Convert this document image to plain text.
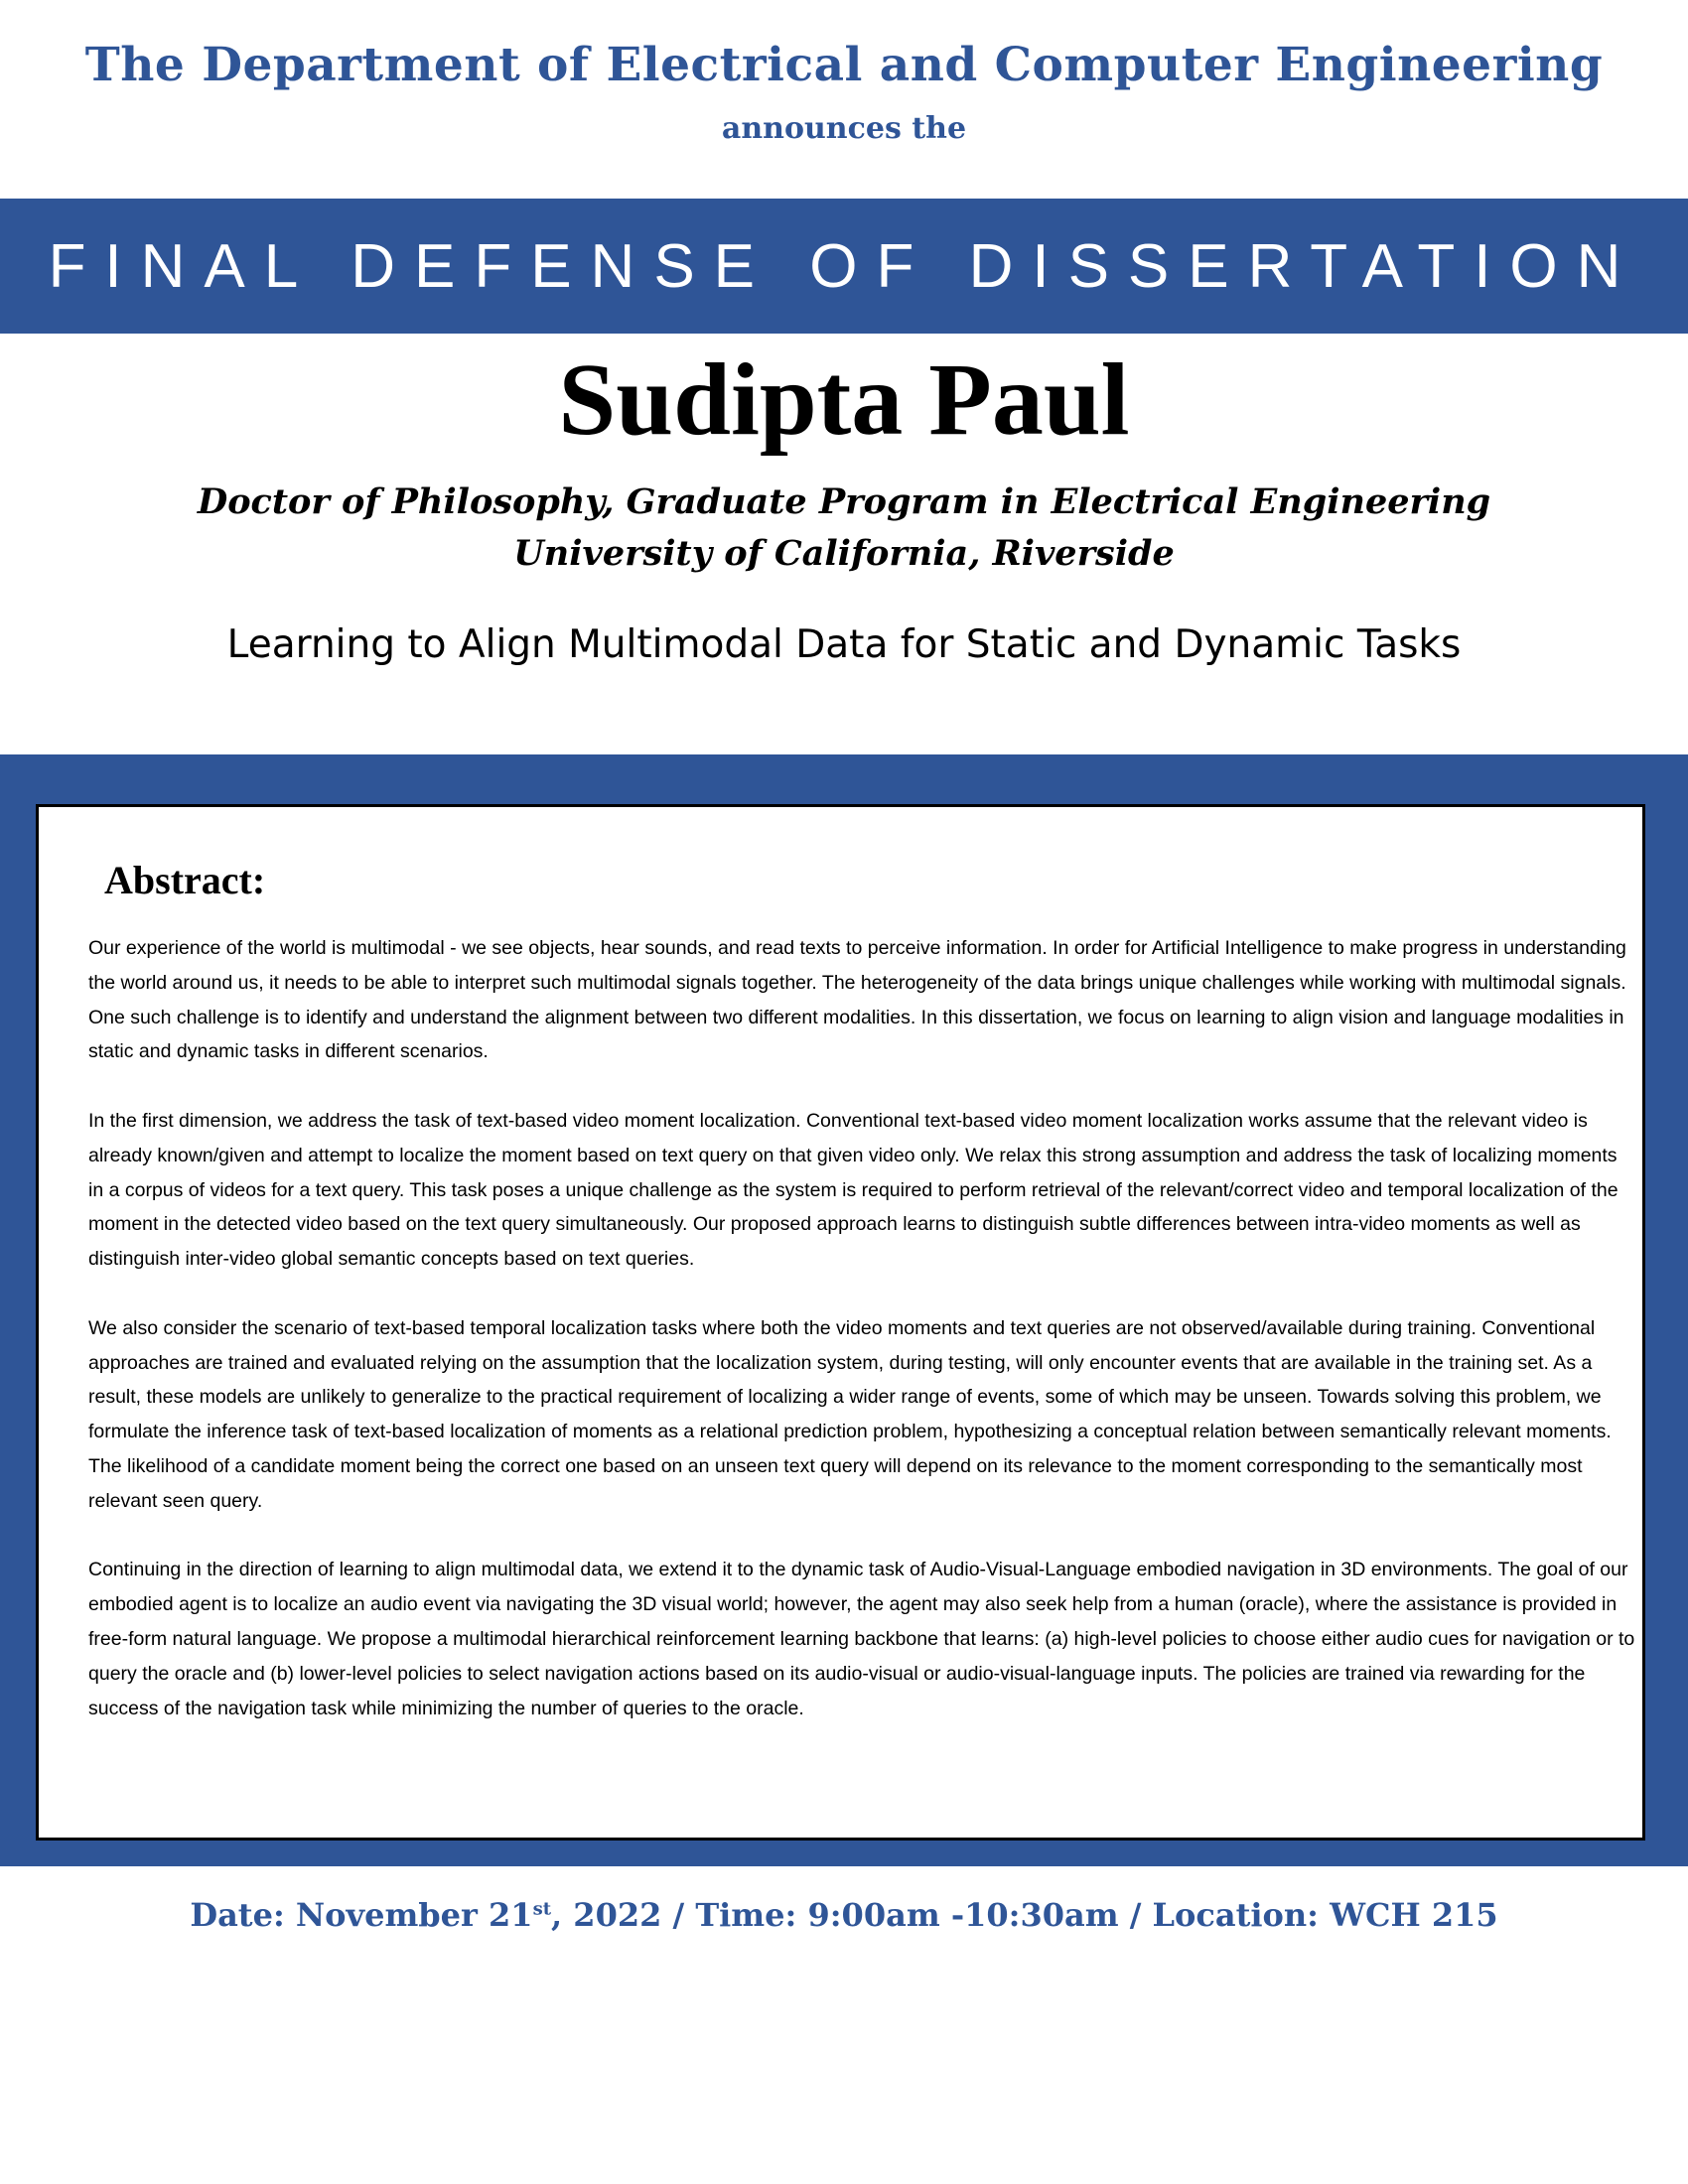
The Department of Electrical and Computer Engineering
announces the
FINAL DEFENSE OF DISSERTATION
Sudipta Paul
Doctor of Philosophy, Graduate Program in Electrical Engineering
University of California, Riverside
Learning to Align Multimodal Data for Static and Dynamic Tasks
Abstract:

Our experience of the world is multimodal - we see objects, hear sounds, and read texts to perceive information. In order for Artificial Intelligence to make progress in understanding the world around us, it needs to be able to interpret such multimodal signals together. The heterogeneity of the data brings unique challenges while working with multimodal signals. One such challenge is to identify and understand the alignment between two different modalities. In this dissertation, we focus on learning to align vision and language modalities in static and dynamic tasks in different scenarios.

In the first dimension, we address the task of text-based video moment localization. Conventional text-based video moment localization works assume that the relevant video is already known/given and attempt to localize the moment based on text query on that given video only. We relax this strong assumption and address the task of localizing moments in a corpus of videos for a text query. This task poses a unique challenge as the system is required to perform retrieval of the relevant/correct video and temporal localization of the moment in the detected video based on the text query simultaneously. Our proposed approach learns to distinguish subtle differences between intra-video moments as well as distinguish inter-video global semantic concepts based on text queries.

We also consider the scenario of text-based temporal localization tasks where both the video moments and text queries are not observed/available during training. Conventional approaches are trained and evaluated relying on the assumption that the localization system, during testing, will only encounter events that are available in the training set. As a result, these models are unlikely to generalize to the practical requirement of localizing a wider range of events, some of which may be unseen. Towards solving this problem, we formulate the inference task of text-based localization of moments as a relational prediction problem, hypothesizing a conceptual relation between semantically relevant moments. The likelihood of a candidate moment being the correct one based on an unseen text query will depend on its relevance to the moment corresponding to the semantically most relevant seen query.

Continuing in the direction of learning to align multimodal data, we extend it to the dynamic task of Audio-Visual-Language embodied navigation in 3D environments. The goal of our embodied agent is to localize an audio event via navigating the 3D visual world; however, the agent may also seek help from a human (oracle), where the assistance is provided in free-form natural language. We propose a multimodal hierarchical reinforcement learning backbone that learns: (a) high-level policies to choose either audio cues for navigation or to query the oracle and (b) lower-level policies to select navigation actions based on its audio-visual or audio-visual-language inputs. The policies are trained via rewarding for the success of the navigation task while minimizing the number of queries to the oracle.

Date: November 21st, 2022 / Time: 9:00am -10:30am / Location: WCH 215
